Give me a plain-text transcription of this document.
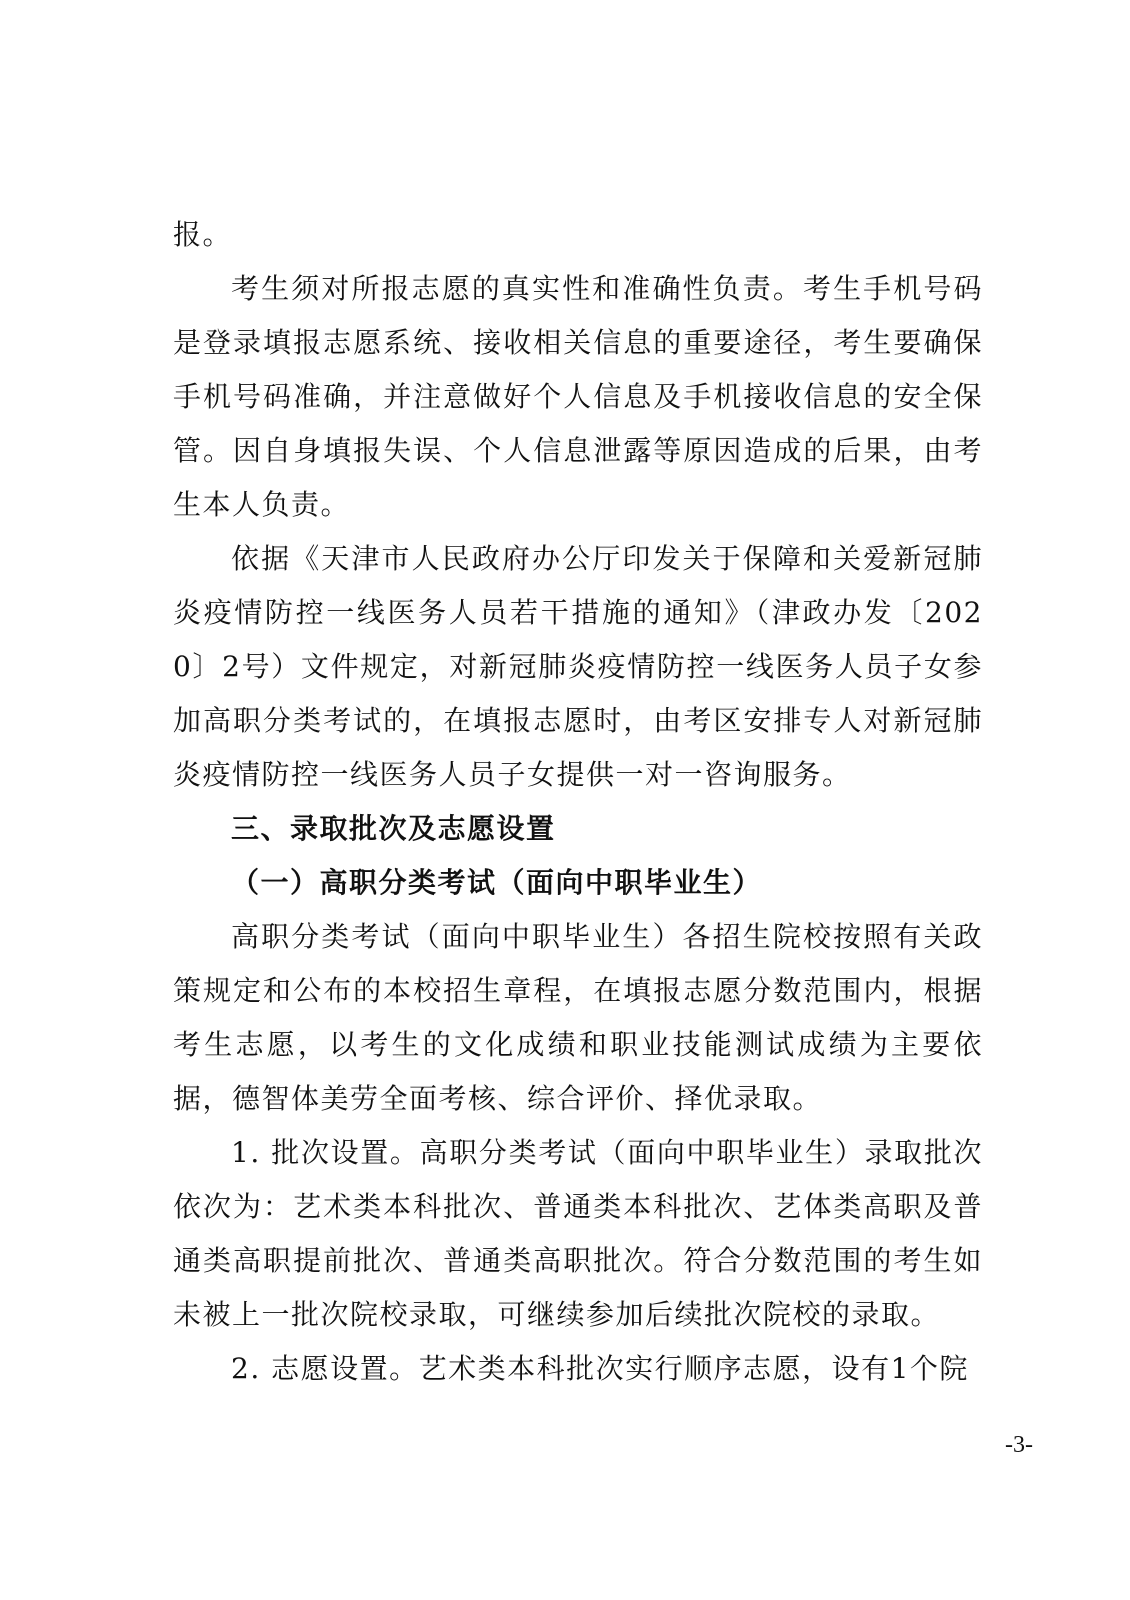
报。

考生须对所报志愿的真实性和准确性负责。考生手机号码是登录填报志愿系统、接收相关信息的重要途径，考生要确保手机号码准确，并注意做好个人信息及手机接收信息的安全保管。因自身填报失误、个人信息泄露等原因造成的后果，由考生本人负责。

依据《天津市人民政府办公厅印发关于保障和关爱新冠肺炎疫情防控一线医务人员若干措施的通知》（津政办发〔2020〕2号）文件规定，对新冠肺炎疫情防控一线医务人员子女参加高职分类考试的，在填报志愿时，由考区安排专人对新冠肺炎疫情防控一线医务人员子女提供一对一咨询服务。

三、录取批次及志愿设置
（一）高职分类考试（面向中职毕业生）

高职分类考试（面向中职毕业生）各招生院校按照有关政策规定和公布的本校招生章程，在填报志愿分数范围内，根据考生志愿，以考生的文化成绩和职业技能测试成绩为主要依据，德智体美劳全面考核、综合评价、择优录取。

1. 批次设置。高职分类考试（面向中职毕业生）录取批次依次为：艺术类本科批次、普通类本科批次、艺体类高职及普通类高职提前批次、普通类高职批次。符合分数范围的考生如未被上一批次院校录取，可继续参加后续批次院校的录取。

2. 志愿设置。艺术类本科批次实行顺序志愿，设有1个院

-3-
